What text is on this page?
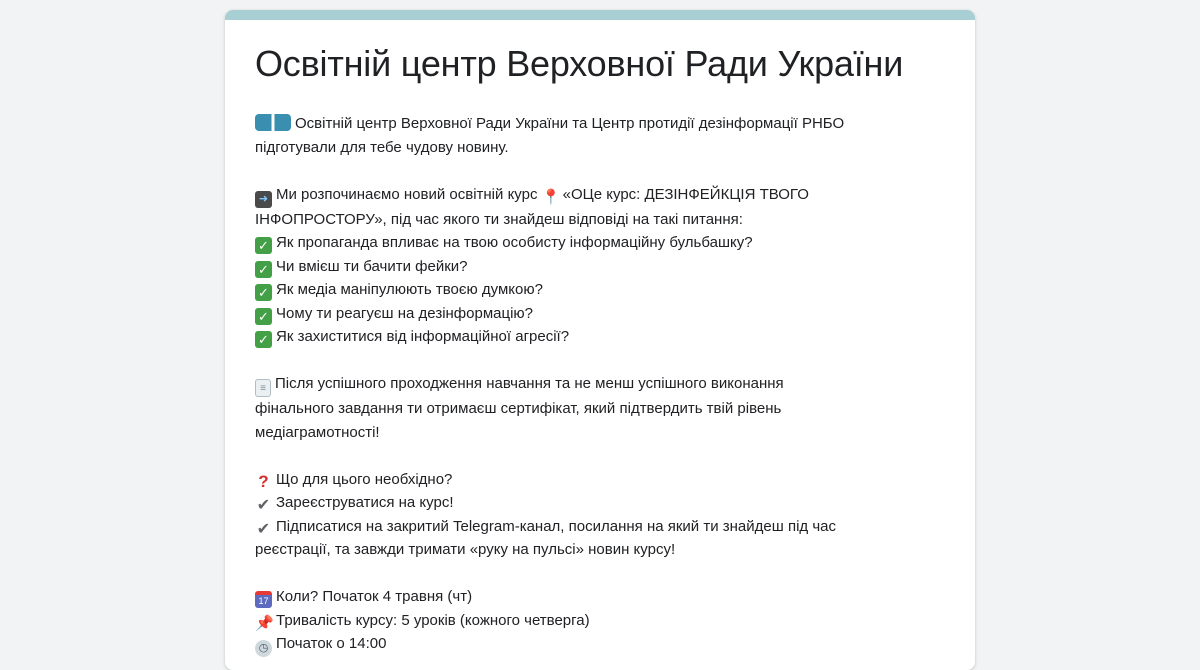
Освітній центр Верховної Ради України
Освітній центр Верховної Ради України та Центр протидії дезінформації РНБО
підготували для тебе чудову новину.
➜ Ми розпочинаємо новий освітній курс 📍 «ОЦе курс: ДЕЗІНФЕЙКЦІЯ ТВОГО
ІНФОПРОСТОРУ», під час якого ти знайдеш відповіді на такі питання:
✓ Як пропаганда впливає на твою особисту інформаційну бульбашку?
✓ Чи вмієш ти бачити фейки?
✓ Як медіа маніпулюють твоєю думкою?
✓ Чому ти реагуєш на дезінформацію?
✓ Як захиститися від інформаційної агресії?
≡ Після успішного проходження навчання та не менш успішного виконання
фінального завдання ти отримаєш сертифікат, який підтвердить твій рівень
медіаграмотності!
? Що для цього необхідно?
✔ Зареєструватися на курс!
✔ Підписатися на закритий Telegram-канал, посилання на який ти знайдеш під час
реєстрації, та завжди тримати «руку на пульсі» новин курсу!
17 Коли? Початок 4 травня (чт)
📌 Тривалість курсу: 5 уроків (кожного четверга)
◷ Початок о 14:00
